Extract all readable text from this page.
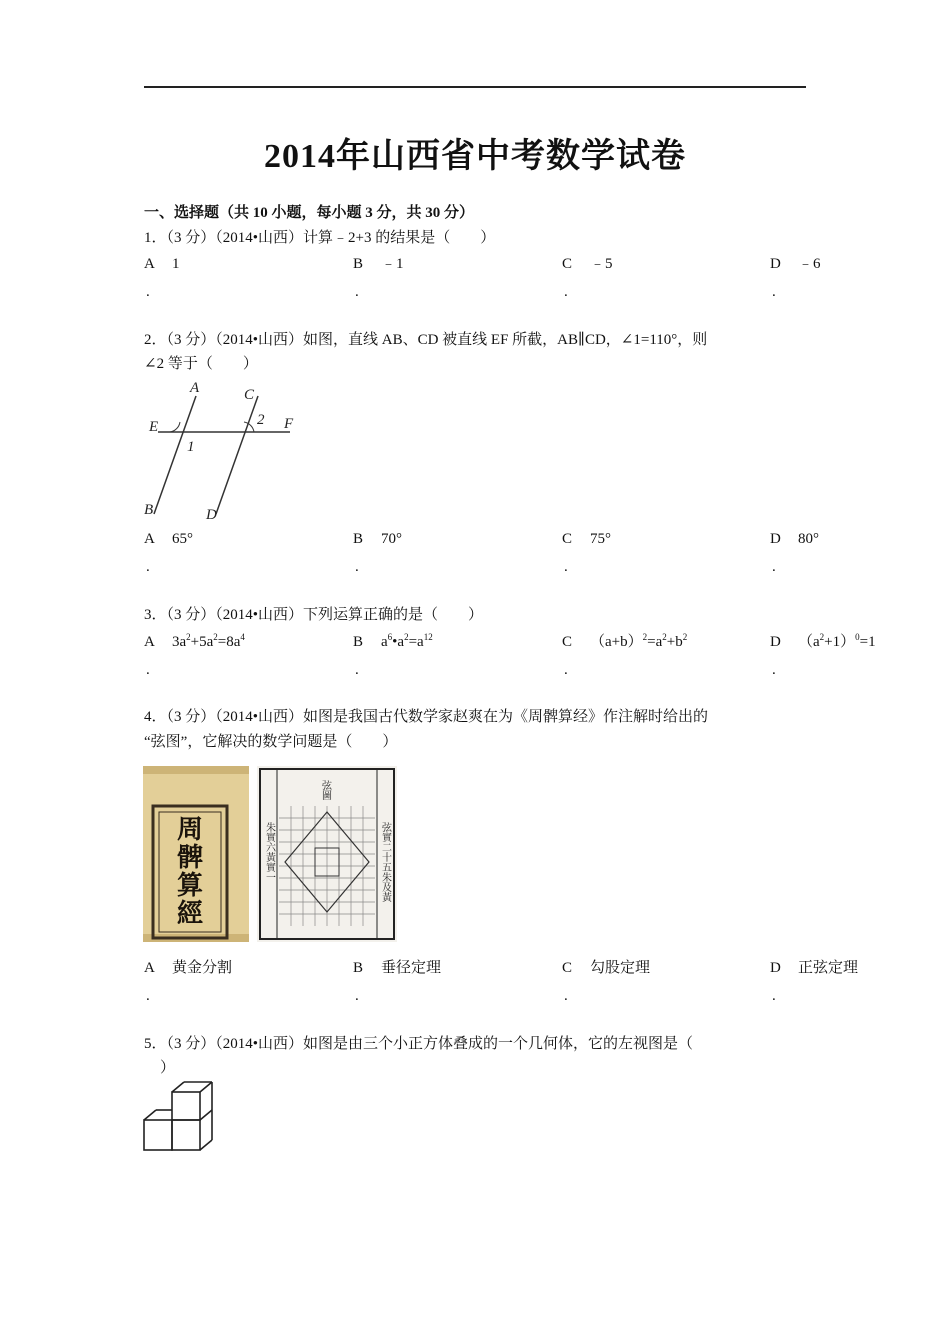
2014年山西省中考数学试卷
一、选择题（共 10 小题，每小题 3 分，共 30 分）
1．（3 分）（2014•山西）计算﹣2+3 的结果是（　　）
A 1	B ﹣1	C ﹣5	D ﹣6
.	.	.	.
2．（3 分）（2014•山西）如图，直线 AB、CD 被直线 EF 所截，AB∥CD，∠1=110°，则
∠2 等于（　　）
A	C
E	F
2
1
B	D
A 65°	B 70°	C 75°	D 80°
.	.	.	.
3．（3 分）（2014•山西）下列运算正确的是（　　）
A $3a^2+5a^2=8a^4$	B $a^6•a^2=a^{12}$	C $(a+b)^2=a^2+b^2$	D $(a^2+1)^0=1$
.	.	.	.
4．（3 分）（2014•山西）如图是我国古代数学家赵爽在为《周髀算经》作注解时给出的
“弦图”，它解决的数学问题是（　　）
周
髀
算
經
弦圖
朱實六黃實一	弦實二十五朱及黃
A 黄金分割	B 垂径定理	C 勾股定理	D 正弦定理
.	.	.	.
5．（3 分）（2014•山西）如图是由三个小正方体叠成的一个几何体，它的左视图是（
）
